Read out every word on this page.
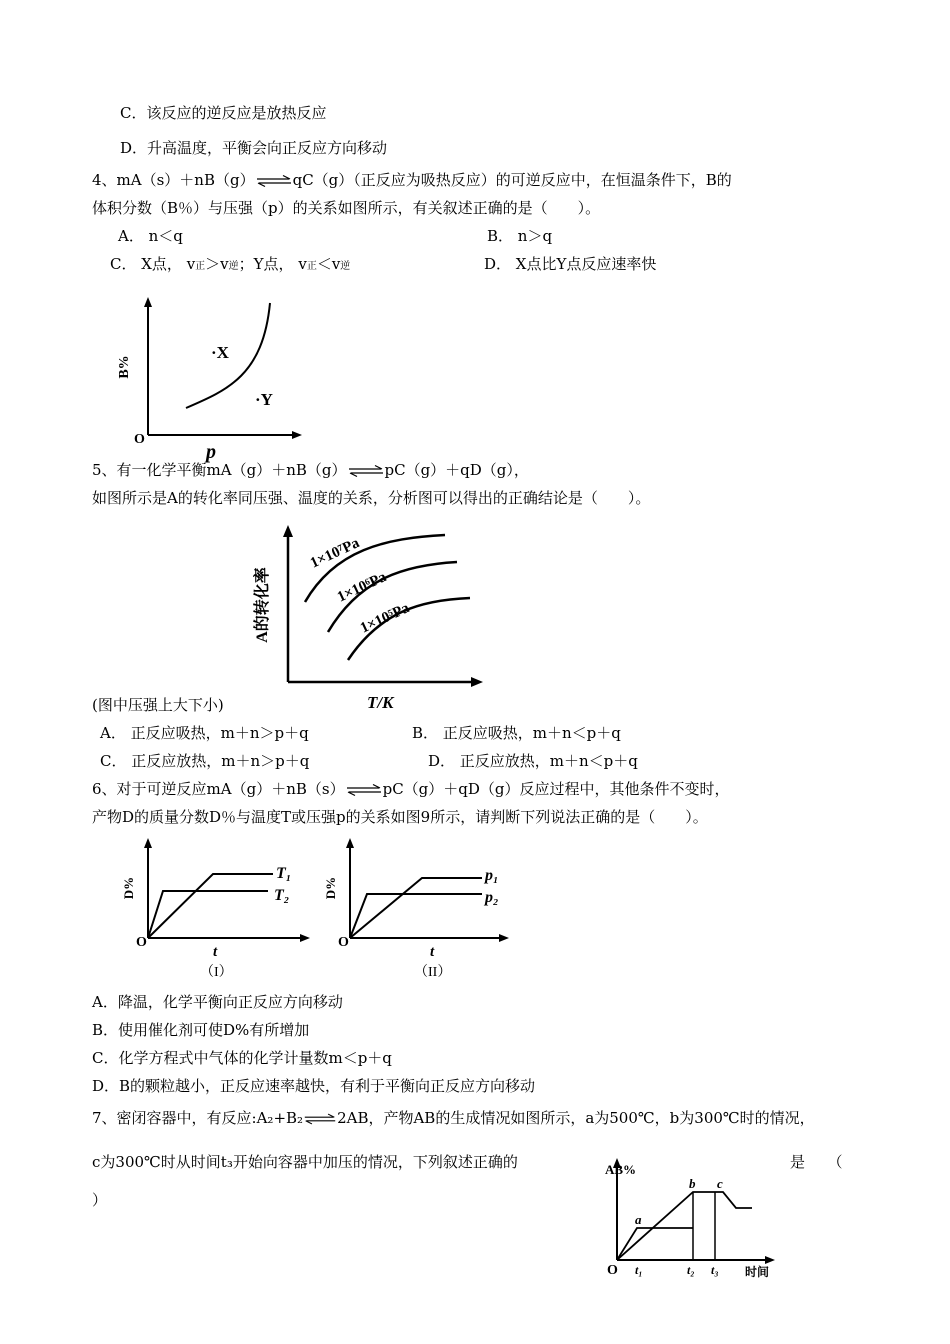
C．该反应的逆反应是放热反应
D．升高温度，平衡会向正反应方向移动
4、mA（s）＋nB（g）⇌qC（g）（正反应为吸热反应）的可逆反应中，在恒温条件下，B的
体积分数（B％）与压强（p）的关系如图所示，有关叙述正确的是（　　）。
A． n＜q	B． n＞q
C． X点， v正＞v逆；Y点， v正＜v逆	D． X点比Y点反应速率快
O
B%
p
·X
·Y
5、有一化学平衡mA（g）＋nB（g）⇌pC（g）＋qD（g），
如图所示是A的转化率同压强、温度的关系，分析图可以得出的正确结论是（　　）。
1×10⁷Pa
1×10⁶Pa
1×10⁵Pa
A的转化率
T/K
(图中压强上大下小)
A． 正反应吸热，m＋n＞p＋q	B． 正反应吸热，m＋n＜p＋q
C． 正反应放热，m＋n＞p＋q	D． 正反应放热，m＋n＜p＋q
6、对于可逆反应mA（g）＋nB（s）⇌pC（g）＋qD（g）反应过程中，其他条件不变时，
产物D的质量分数D％与温度T或压强p的关系如图9所示，请判断下列说法正确的是（　　）。
O
D%
t
T₁
T₂
（I）
O
D%
t
p₁
p₂
（II）
A．降温，化学平衡向正反应方向移动
B．使用催化剂可使D%有所增加
C．化学方程式中气体的化学计量数m＜p＋q
D．B的颗粒越小，正反应速率越快，有利于平衡向正反应方向移动
7、密闭容器中，有反应:A₂+B₂⇌2AB，产物AB的生成情况如图所示，a为500℃，b为300℃时的情况，
c为300℃时从时间t₃开始向容器中加压的情况，下列叙述正确的	是　　（
）
AB%
O	时间
a
b c
t₁	t₂ t₃
